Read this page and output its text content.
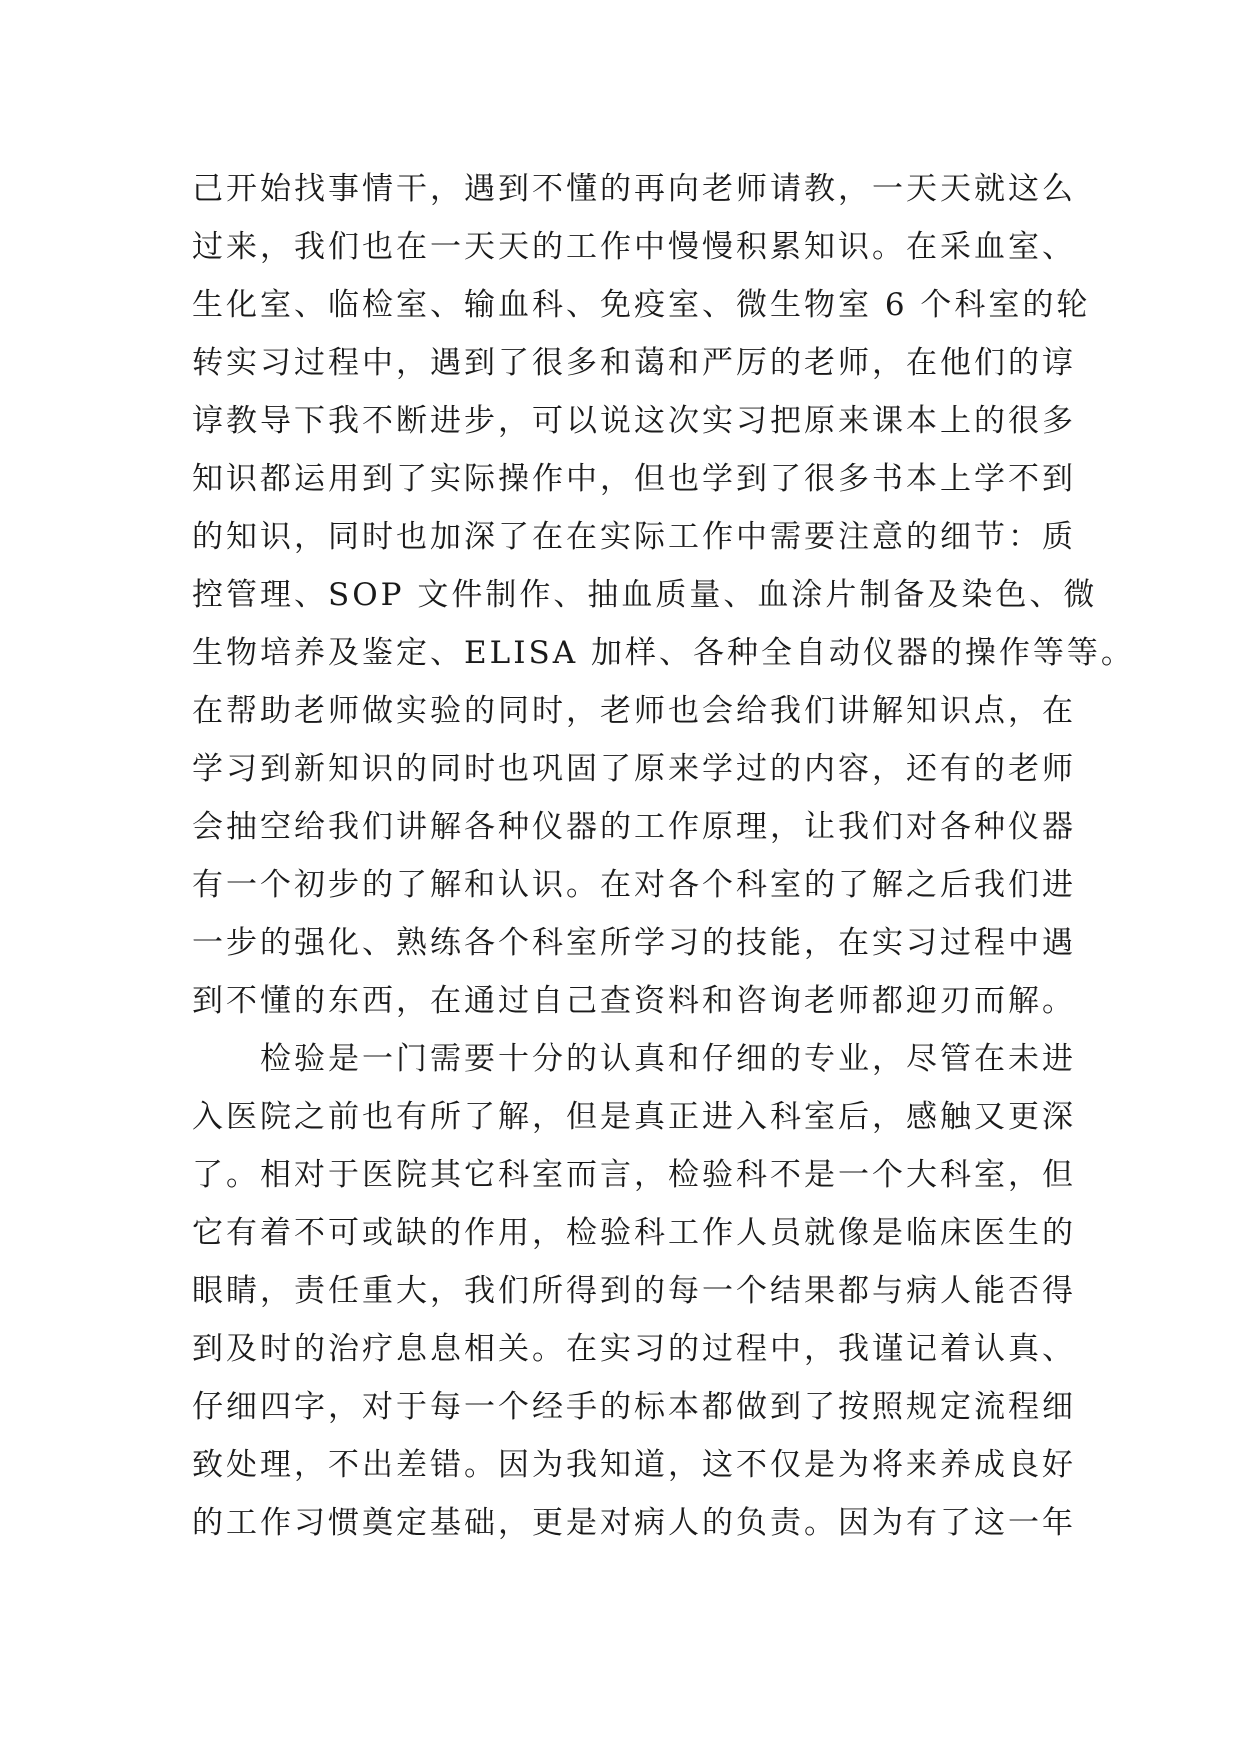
己开始找事情干，遇到不懂的再向老师请教，一天天就这么
过来，我们也在一天天的工作中慢慢积累知识。在采血室、
生化室、临检室、输血科、免疫室、微生物室 6 个科室的轮
转实习过程中，遇到了很多和蔼和严厉的老师，在他们的谆
谆教导下我不断进步，可以说这次实习把原来课本上的很多
知识都运用到了实际操作中，但也学到了很多书本上学不到
的知识，同时也加深了在在实际工作中需要注意的细节：质
控管理、SOP 文件制作、抽血质量、血涂片制备及染色、微
生物培养及鉴定、ELISA 加样、各种全自动仪器的操作等等。
在帮助老师做实验的同时，老师也会给我们讲解知识点，在
学习到新知识的同时也巩固了原来学过的内容，还有的老师
会抽空给我们讲解各种仪器的工作原理，让我们对各种仪器
有一个初步的了解和认识。在对各个科室的了解之后我们进
一步的强化、熟练各个科室所学习的技能，在实习过程中遇
到不懂的东西，在通过自己查资料和咨询老师都迎刃而解。
　　检验是一门需要十分的认真和仔细的专业，尽管在未进
入医院之前也有所了解，但是真正进入科室后，感触又更深
了。相对于医院其它科室而言，检验科不是一个大科室，但
它有着不可或缺的作用，检验科工作人员就像是临床医生的
眼睛，责任重大，我们所得到的每一个结果都与病人能否得
到及时的治疗息息相关。在实习的过程中，我谨记着认真、
仔细四字，对于每一个经手的标本都做到了按照规定流程细
致处理，不出差错。因为我知道，这不仅是为将来养成良好
的工作习惯奠定基础，更是对病人的负责。因为有了这一年
